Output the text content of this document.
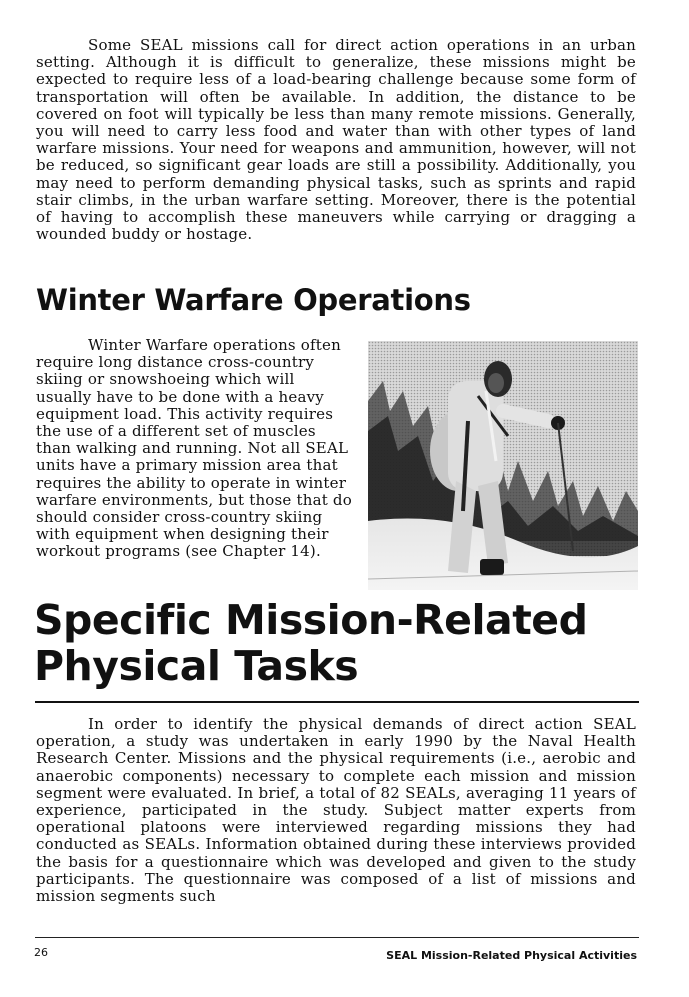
Some SEAL missions call for direct action operations in an urban setting. Although it is difficult to generalize, these missions might be expected to require less of a load-bearing challenge because some form of transportation will often be available. In addition, the distance to be covered on foot will typically be less than many remote missions. Generally, you will need to carry less food and water than with other types of land warfare missions. Your need for weapons and ammunition, however, will not be reduced, so significant gear loads are still a possibility. Additionally, you may need to perform demanding physical tasks, such as sprints and rapid stair climbs, in the urban warfare setting. Moreover, there is the potential of having to accomplish these maneuvers while carrying or dragging a wounded buddy or hostage.

Winter Warfare Operations

Winter Warfare operations often require long distance cross-country skiing or snowshoeing which will usually have to be done with a heavy equipment load. This activity requires the use of a different set of muscles than walking and running. Not all SEAL units have a primary mission area that requires the ability to operate in winter warfare environments, but those that do should consider cross-country skiing with equipment when designing their workout programs (see Chapter 14).

Specific Mission-Related
Physical Tasks

In order to identify the physical demands of direct action SEAL operation, a study was undertaken in early 1990 by the Naval Health Research Center. Missions and the physical requirements (i.e., aerobic and anaerobic components) necessary to complete each mission and mission segment were evaluated. In brief, a total of 82 SEALs, averaging 11 years of experience, participated in the study. Subject matter experts from operational platoons were interviewed regarding missions they had conducted as SEALs. Information obtained during these interviews provided the basis for a questionnaire which was developed and given to the study participants. The questionnaire was composed of a list of missions and mission segments such

26	SEAL Mission-Related Physical Activities
